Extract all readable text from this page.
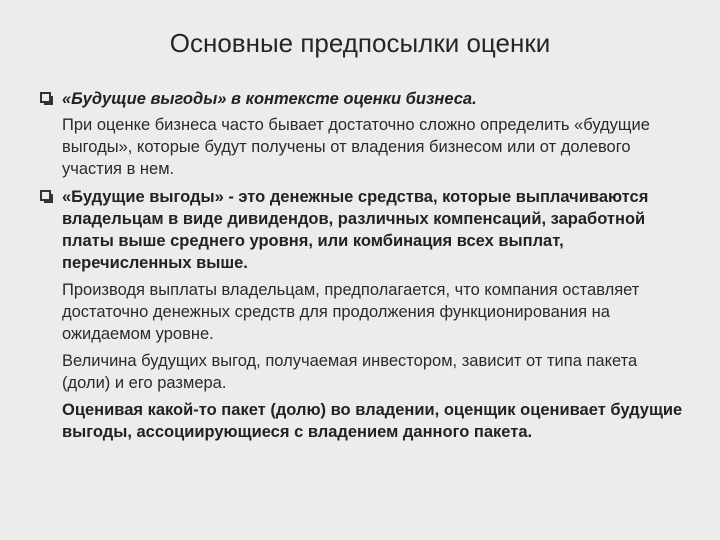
Основные предпосылки оценки
«Будущие выгоды» в контексте оценки бизнеса.
При оценке бизнеса часто бывает достаточно сложно определить «будущие выгоды», которые будут получены от владения бизнесом или от долевого участия в нем.
«Будущие выгоды» - это денежные средства, которые выплачиваются владельцам в виде дивидендов, различных компенсаций, заработной платы выше среднего уровня, или комбинация всех выплат, перечисленных выше.
Производя выплаты владельцам, предполагается, что компания оставляет достаточно денежных средств для продолжения функционирования на ожидаемом уровне.
Величина будущих выгод, получаемая инвестором, зависит от типа пакета (доли) и его размера.
Оценивая какой-то пакет (долю) во владении, оценщик оценивает будущие выгоды, ассоциирующиеся с владением данного пакета.
